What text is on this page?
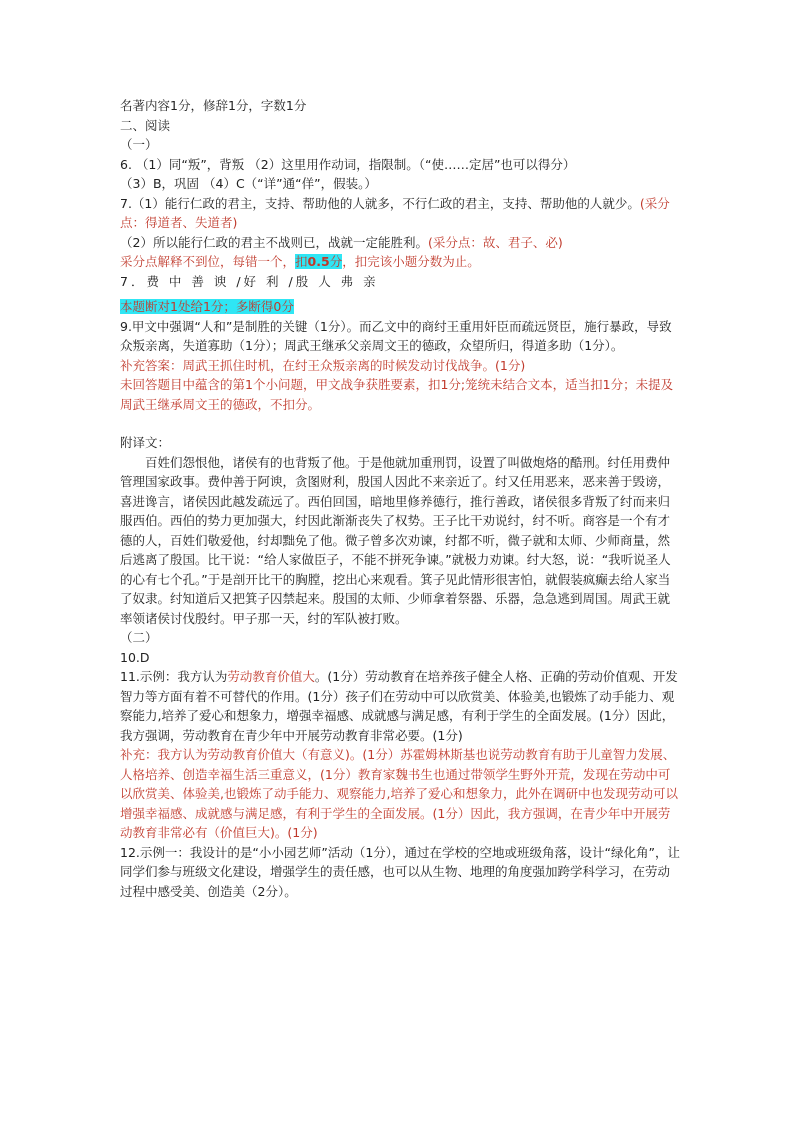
名著内容1分，修辞1分，字数1分

二、阅读

（一）

6. （1）同“叛”，背叛 （2）这里用作动词，指限制。（“使……定居”也可以得分）

（3）B，巩固 （4）C（“详”通“佯”，假装。）

7.（1）能行仁政的君主，支持、帮助他的人就多，不行仁政的君主，支持、帮助他的人就少。(采分点：得道者、失道者)

（2）所以能行仁政的君主不战则已，战就一定能胜利。(采分点：故、君子、必)

采分点解释不到位，每错一个，扣0.5分，扣完该小题分数为止。

7．费 中 善 谀 /好 利 /殷 人 弗 亲

本题断对1处给1分；多断得0分

9.甲文中强调“人和”是制胜的关键（1分）。而乙文中的商纣王重用奸臣而疏远贤臣，施行暴政，导致众叛亲离，失道寡助（1分）；周武王继承父亲周文王的德政，众望所归，得道多助（1分）。

补充答案：周武王抓住时机，在纣王众叛亲离的时候发动讨伐战争。(1分)

未回答题目中蕴含的第1个小问题，甲文战争获胜要素，扣1分;笼统未结合文本，适当扣1分；未提及周武王继承周文王的德政，不扣分。

附译文：

百姓们怨恨他，诸侯有的也背叛了他。于是他就加重刑罚，设置了叫做炮烙的酷刑。纣任用费仲管理国家政事。费仲善于阿谀，贪图财利，殷国人因此不来亲近了。纣又任用恶来，恶来善于毁谤，喜进谗言，诸侯因此越发疏远了。西伯回国，暗地里修养德行，推行善政，诸侯很多背叛了纣而来归服西伯。西伯的势力更加强大，纣因此渐渐丧失了权势。王子比干劝说纣，纣不听。商容是一个有才德的人，百姓们敬爱他，纣却黜免了他。微子曾多次劝谏，纣都不听，微子就和太师、少师商量，然后逃离了殷国。比干说：“给人家做臣子，不能不拼死争谏。”就极力劝谏。纣大怒，说：“我听说圣人的心有七个孔。”于是剖开比干的胸膛，挖出心来观看。箕子见此情形很害怕，就假装疯癫去给人家当了奴隶。纣知道后又把箕子囚禁起来。殷国的太师、少师拿着祭器、乐器，急急逃到周国。周武王就率领诸侯讨伐殷纣。甲子那一天，纣的军队被打败。

（二）

10.D

11.示例：我方认为劳动教育价值大。(1分）劳动教育在培养孩子健全人格、正确的劳动价值观、开发智力等方面有着不可替代的作用。(1分）孩子们在劳动中可以欣赏美、体验美,也锻炼了动手能力、观察能力,培养了爱心和想象力，增强幸福感、成就感与满足感，有利于学生的全面发展。(1分）因此，我方强调，劳动教育在青少年中开展劳动教育非常必要。(1分)

补充：我方认为劳动教育价值大（有意义)。(1分）苏霍姆林斯基也说劳动教育有助于儿童智力发展、人格培养、创造幸福生活三重意义，(1分）教育家魏书生也通过带领学生野外开荒，发现在劳动中可以欣赏美、体验美,也锻炼了动手能力、观察能力,培养了爱心和想象力，此外在调研中也发现劳动可以增强幸福感、成就感与满足感，有利于学生的全面发展。(1分）因此，我方强调，在青少年中开展劳动教育非常必有（价值巨大)。(1分)

12.示例一：我设计的是“小小园艺师”活动（1分），通过在学校的空地或班级角落，设计“绿化角”，让同学们参与班级文化建设，增强学生的责任感，也可以从生物、地理的角度强加跨学科学习，在劳动过程中感受美、创造美（2分）。
